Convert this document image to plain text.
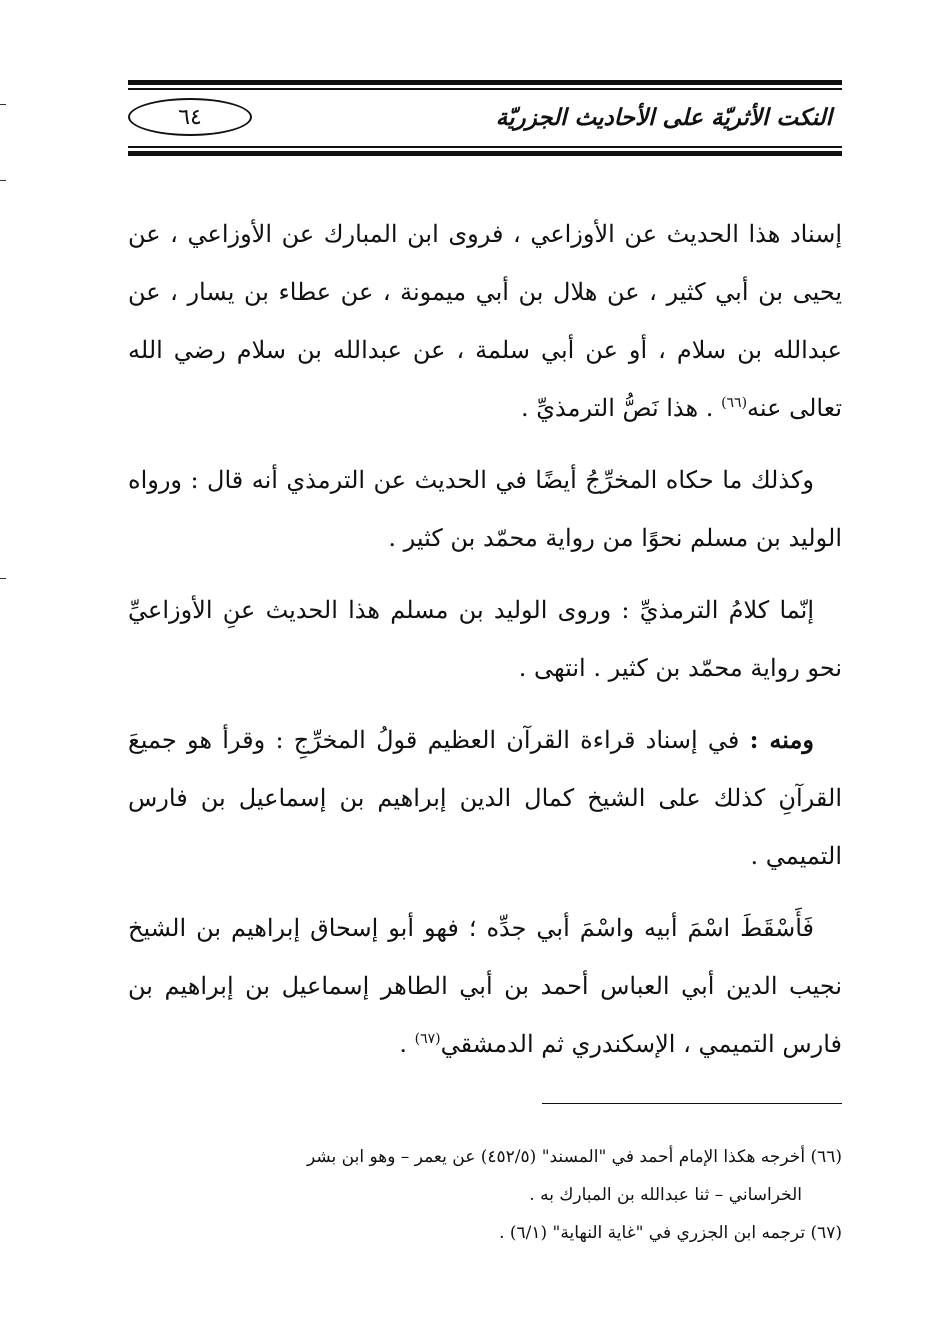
النكت الأثريّة على الأحاديث الجزريّة
٦٤

إسناد هذا الحديث عن الأوزاعي ، فروى ابن المبارك عن الأوزاعي ، عن يحيى بن أبي كثير ، عن هلال بن أبي ميمونة ، عن عطاء بن يسار ، عن عبدالله بن سلام ، أو عن أبي سلمة ، عن عبدالله بن سلام رضي الله تعالى عنه$^{(٦٦)}$ . هذا نَصُّ الترمذيِّ .

وكذلك ما حكاه المخرِّجُ أيضًا في الحديث عن الترمذي أنه قال : ورواه الوليد بن مسلم نحوًا من رواية محمّد بن كثير .

إنّما كلامُ الترمذيِّ : وروى الوليد بن مسلم هذا الحديث عنِ الأوزاعيِّ نحو رواية محمّد بن كثير . انتهى .

ومنه : في إسناد قراءة القرآن العظيم قولُ المخرِّجِ : وقرأ هو جميعَ القرآنِ كذلك على الشيخ كمال الدين إبراهيم بن إسماعيل بن فارس التميمي .

فَأَسْقَطَ اسْمَ أبيه واسْمَ أبي جدِّه ؛ فهو أبو إسحاق إبراهيم بن الشيخ نجيب الدين أبي العباس أحمد بن أبي الطاهر إسماعيل بن إبراهيم بن فارس التميمي ، الإسكندري ثم الدمشقي$^{(٦٧)}$ .

(٦٦) أخرجه هكذا الإمام أحمد في "المسند" (٤٥٢/٥) عن يعمر – وهو ابن بشر

الخراساني – ثنا عبدالله بن المبارك به .

(٦٧) ترجمه ابن الجزري في "غاية النهاية" (٦/١) .
